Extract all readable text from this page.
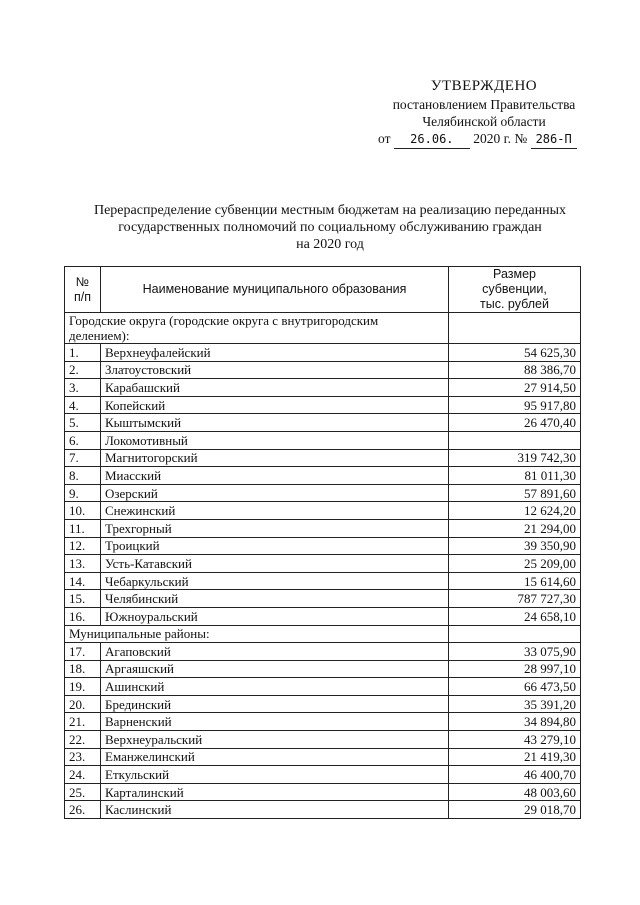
УТВЕРЖДЕНО
постановлением Правительства
Челябинской области
от 26.06. 2020 г. № 286-П
Перераспределение субвенции местным бюджетам на реализацию переданных
государственных полномочий по социальному обслуживанию граждан
на 2020 год
№
п/п	Наименование муниципального образования	Размер
субвенции,
тыс. рублей

Городские округа (городские округа с внутригородским
делением):		

1.	Верхнеуфалейский	54 625,30
2.	Златоустовский	88 386,70
3.	Карабашский	27 914,50
4.	Копейский	95 917,80
5.	Кыштымский	26 470,40
6.	Локомотивный	
7.	Магнитогорский	319 742,30
8.	Миасский	81 011,30
9.	Озерский	57 891,60
10.	Снежинский	12 624,20
11.	Трехгорный	21 294,00
12.	Троицкий	39 350,90
13.	Усть-Катавский	25 209,00
14.	Чебаркульский	15 614,60
15.	Челябинский	787 727,30
16.	Южноуральский	24 658,10
Муниципальные районы:		
17.	Агаповский	33 075,90
18.	Аргаяшский	28 997,10
19.	Ашинский	66 473,50
20.	Брединский	35 391,20
21.	Варненский	34 894,80
22.	Верхнеуральский	43 279,10
23.	Еманжелинский	21 419,30
24.	Еткульский	46 400,70
25.	Карталинский	48 003,60
26.	Каслинский	29 018,70
